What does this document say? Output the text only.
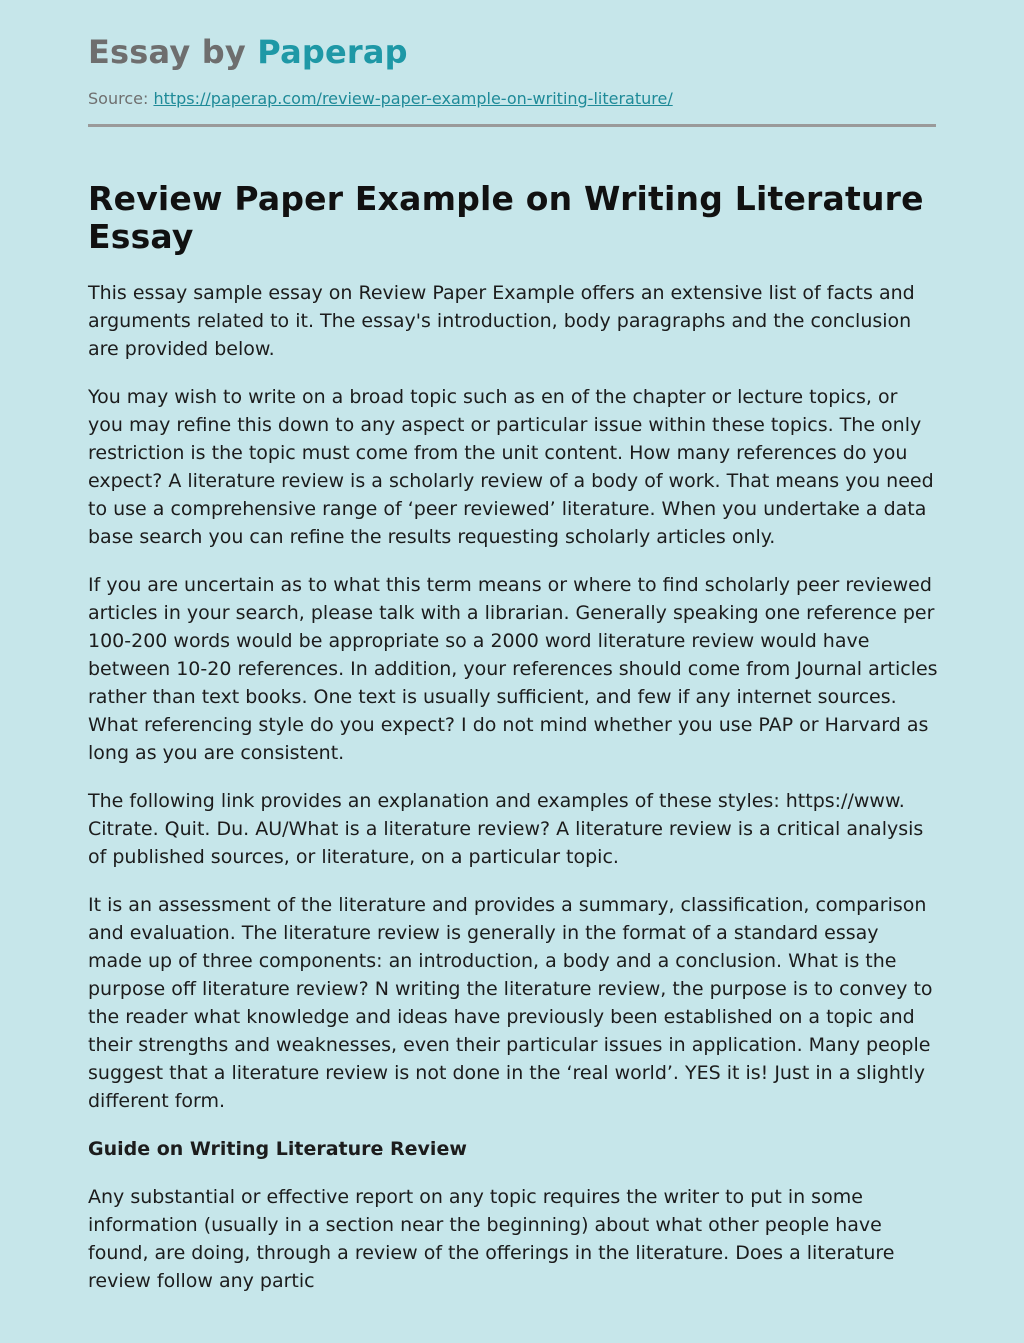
Essay by Paperap
Source: https://paperap.com/review-paper-example-on-writing-literature/
Review Paper Example on Writing Literature Essay

This essay sample essay on Review Paper Example offers an extensive list of facts and arguments related to it. The essay's introduction, body paragraphs and the conclusion are provided below.

You may wish to write on a broad topic such as en of the chapter or lecture topics, or you may refine this down to any aspect or particular issue within these topics. The only restriction is the topic must come from the unit content. How many references do you expect? A literature review is a scholarly review of a body of work. That means you need to use a comprehensive range of ‘peer reviewed’ literature. When you undertake a data base search you can refine the results requesting scholarly articles only.

If you are uncertain as to what this term means or where to find scholarly peer reviewed articles in your search, please talk with a librarian. Generally speaking one reference per 100-200 words would be appropriate so a 2000 word literature review would have between 10-20 references. In addition, your references should come from Journal articles rather than text books. One text is usually sufficient, and few if any internet sources. What referencing style do you expect? I do not mind whether you use PAP or Harvard as long as you are consistent.

The following link provides an explanation and examples of these styles: https://www. Citrate. Quit. Du. AU/What is a literature review? A literature review is a critical analysis of published sources, or literature, on a particular topic.

It is an assessment of the literature and provides a summary, classification, comparison and evaluation. The literature review is generally in the format of a standard essay made up of three components: an introduction, a body and a conclusion. What is the purpose off literature review? N writing the literature review, the purpose is to convey to the reader what knowledge and ideas have previously been established on a topic and their strengths and weaknesses, even their particular issues in application. Many people suggest that a literature review is not done in the ‘real world’. YES it is! Just in a slightly different form.

Guide on Writing Literature Review

Any substantial or effective report on any topic requires the writer to put in some information (usually in a section near the beginning) about what other people have found, are doing, through a review of the offerings in the literature. Does a literature review follow any partic
